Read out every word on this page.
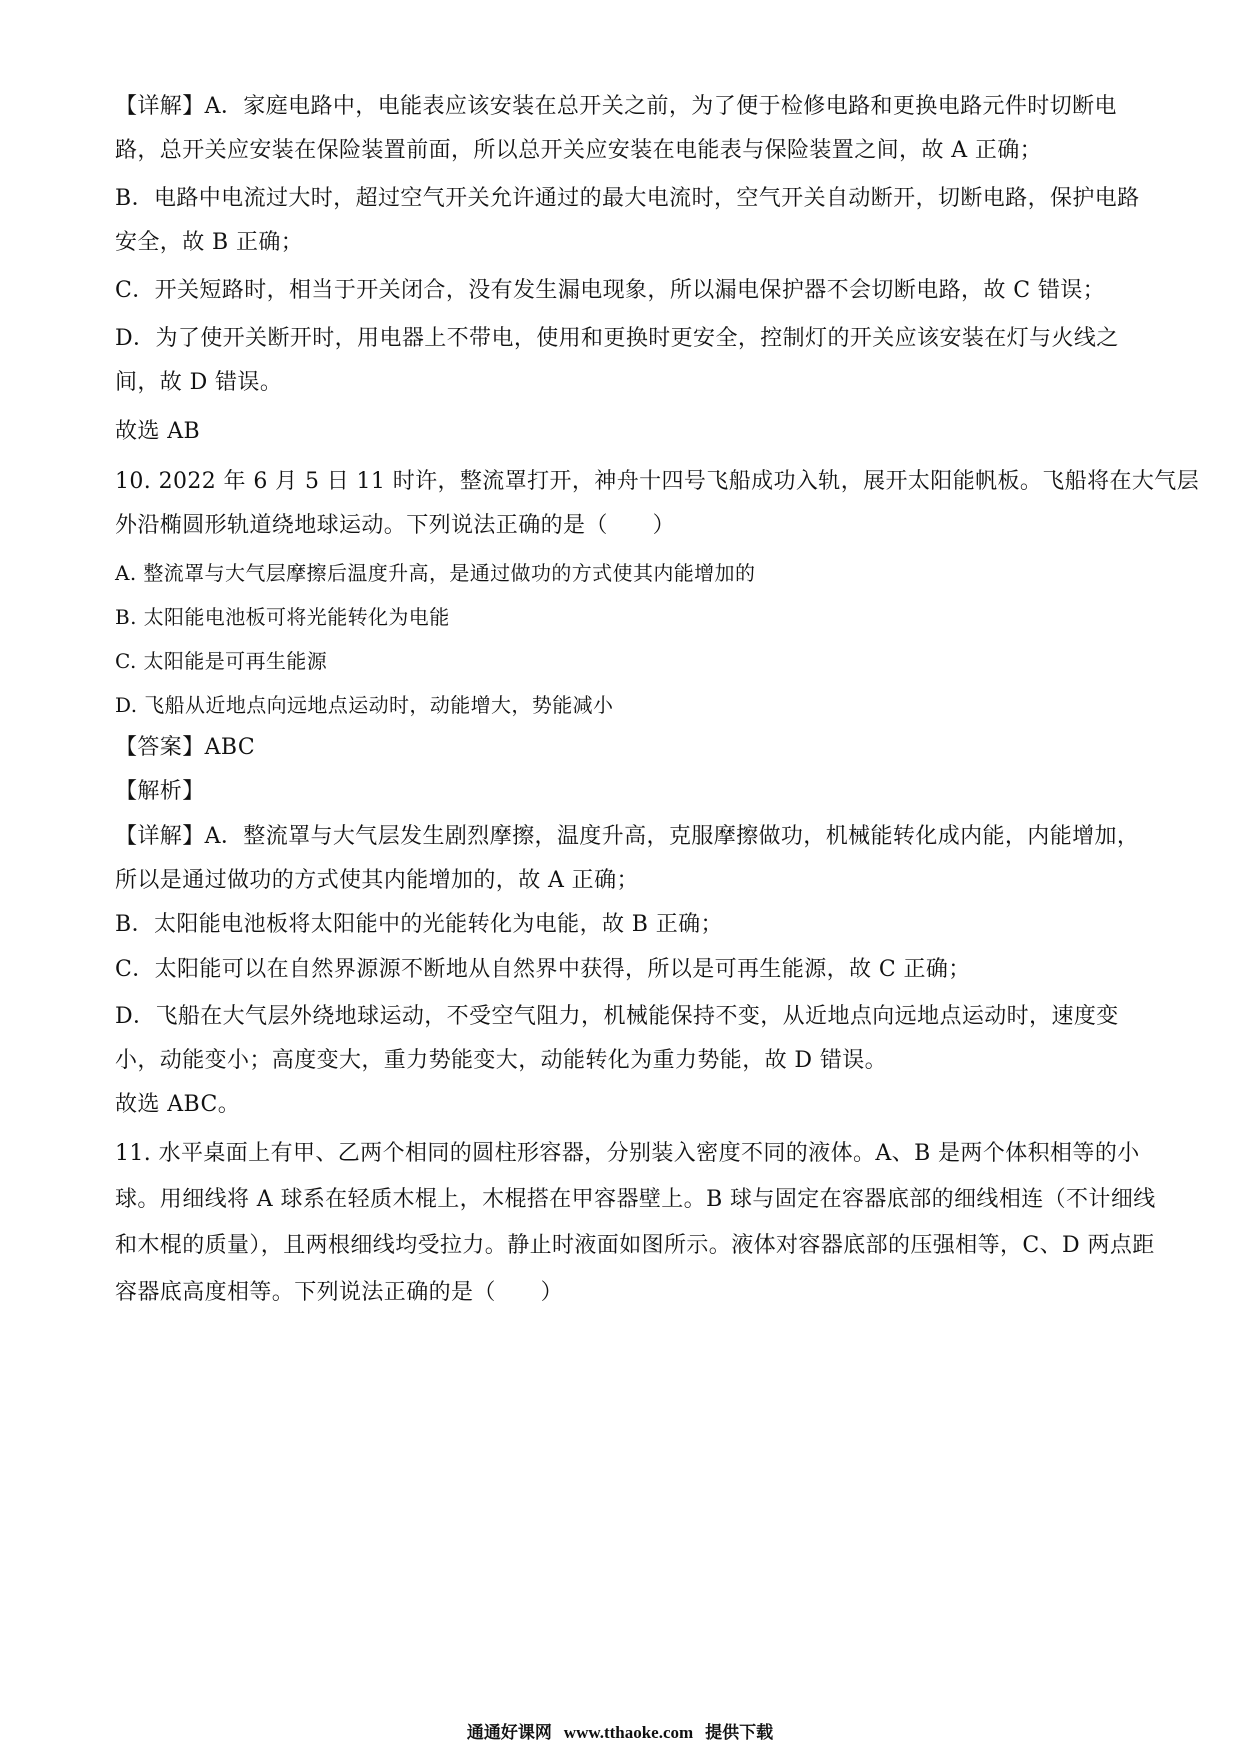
【详解】A．家庭电路中，电能表应该安装在总开关之前，为了便于检修电路和更换电路元件时切断电
路，总开关应安装在保险装置前面，所以总开关应安装在电能表与保险装置之间，故 A 正确；
B．电路中电流过大时，超过空气开关允许通过的最大电流时，空气开关自动断开，切断电路，保护电路
安全，故 B 正确；
C．开关短路时，相当于开关闭合，没有发生漏电现象，所以漏电保护器不会切断电路，故 C 错误；
D．为了使开关断开时，用电器上不带电，使用和更换时更安全，控制灯的开关应该安装在灯与火线之
间，故 D 错误。
故选 AB
10. 2022 年 6 月 5 日 11 时许，整流罩打开，神舟十四号飞船成功入轨，展开太阳能帆板。飞船将在大气层
外沿椭圆形轨道绕地球运动。下列说法正确的是（　　）
A. 整流罩与大气层摩擦后温度升高，是通过做功的方式使其内能增加的
B. 太阳能电池板可将光能转化为电能
C. 太阳能是可再生能源
D. 飞船从近地点向远地点运动时，动能增大，势能减小
【答案】ABC
【解析】
【详解】A．整流罩与大气层发生剧烈摩擦，温度升高，克服摩擦做功，机械能转化成内能，内能增加，
所以是通过做功的方式使其内能增加的，故 A 正确；
B．太阳能电池板将太阳能中的光能转化为电能，故 B 正确；
C．太阳能可以在自然界源源不断地从自然界中获得，所以是可再生能源，故 C 正确；
D．飞船在大气层外绕地球运动，不受空气阻力，机械能保持不变，从近地点向远地点运动时，速度变
小，动能变小；高度变大，重力势能变大，动能转化为重力势能，故 D 错误。
故选 ABC。
11. 水平桌面上有甲、乙两个相同的圆柱形容器，分别装入密度不同的液体。A、B 是两个体积相等的小
球。用细线将 A 球系在轻质木棍上，木棍搭在甲容器壁上。B 球与固定在容器底部的细线相连（不计细线
和木棍的质量），且两根细线均受拉力。静止时液面如图所示。液体对容器底部的压强相等，C、D 两点距
容器底高度相等。下列说法正确的是（　　）
通通好课网 www.tthaoke.com 提供下载
